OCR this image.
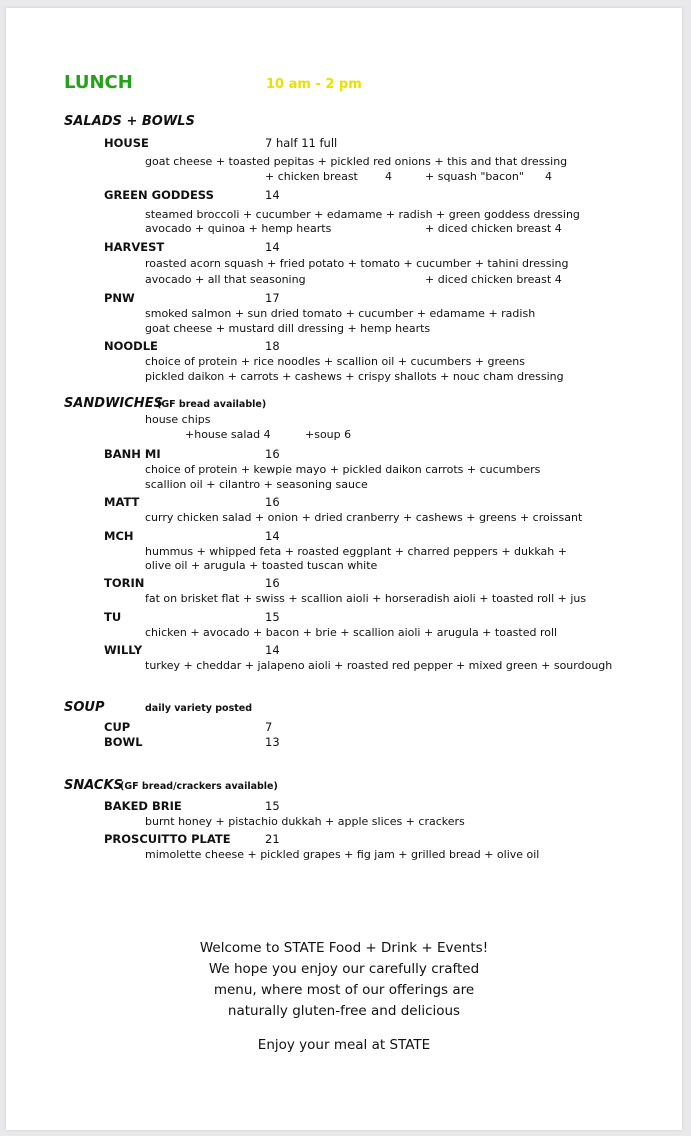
LUNCH	10 am - 2 pm
SALADS + BOWLS
HOUSE	7 half 11 full
goat cheese + toasted pepitas + pickled red onions + this and that dressing
+ chicken breast 4	+ squash "bacon" 4
GREEN GODDESS	14
steamed broccoli + cucumber + edamame + radish + green goddess dressing
avocado + quinoa + hemp hearts	+ diced chicken breast 4
HARVEST	14
roasted acorn squash + fried potato + tomato + cucumber + tahini dressing
avocado + all that seasoning	+ diced chicken breast 4
PNW	17
smoked salmon + sun dried tomato + cucumber + edamame + radish
goat cheese + mustard dill dressing + hemp hearts
NOODLE	18
choice of protein + rice noodles + scallion oil + cucumbers + greens
pickled daikon + carrots + cashews + crispy shallots + nouc cham dressing
SANDWICHES
(GF bread available)
house chips
+house salad 4	+soup 6
BANH MI	16
choice of protein + kewpie mayo + pickled daikon carrots + cucumbers
scallion oil + cilantro + seasoning sauce
MATT	16
curry chicken salad + onion + dried cranberry + cashews + greens + croissant
MCH	14
hummus + whipped feta + roasted eggplant + charred peppers + dukkah +
olive oil + arugula + toasted tuscan white
TORIN	16
fat on brisket flat + swiss + scallion aioli + horseradish aioli + toasted roll + jus
TU	15
chicken + avocado + bacon + brie + scallion aioli + arugula + toasted roll
WILLY	14
turkey + cheddar + jalapeno aioli + roasted red pepper + mixed green + sourdough
SOUP	daily variety posted
CUP	7
BOWL	13
SNACKS
(GF bread/crackers available)
BAKED BRIE	15
burnt honey + pistachio dukkah + apple slices + crackers
PROSCUITTO PLATE	21
mimolette cheese + pickled grapes + fig jam + grilled bread + olive oil
Welcome to STATE Food + Drink + Events!
We hope you enjoy our carefully crafted
menu, where most of our offerings are
naturally gluten-free and delicious
Enjoy your meal at STATE
